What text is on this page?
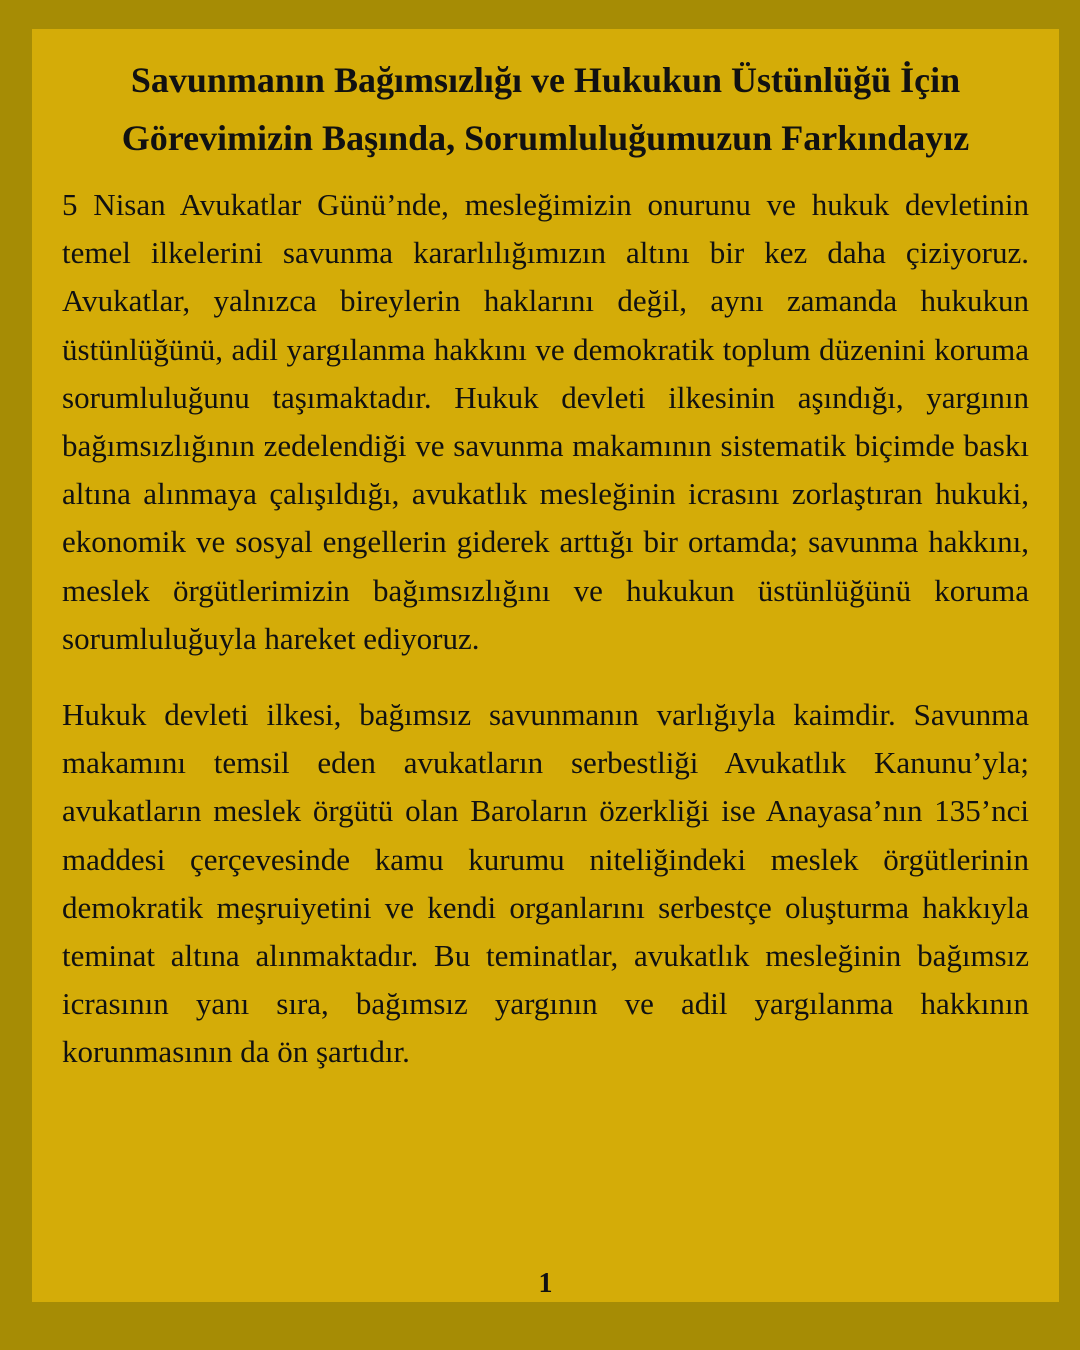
Savunmanın Bağımsızlığı ve Hukukun Üstünlüğü İçin
Görevimizin Başında, Sorumluluğumuzun Farkındayız

5 Nisan Avukatlar Günü’nde, mesleğimizin onurunu ve hukuk devletinin temel ilkelerini savunma kararlılığımızın altını bir kez daha çiziyoruz. Avukatlar, yalnızca bireylerin haklarını değil, aynı zamanda hukukun üstünlüğünü, adil yargılanma hakkını ve demokratik toplum düzenini koruma sorumluluğunu taşımaktadır. Hukuk devleti ilkesinin aşındığı, yargının bağımsızlığının zedelendiği ve savunma makamının sistematik biçimde baskı altına alınmaya çalışıldığı, avukatlık mesleğinin icrasını zorlaştıran hukuki, ekonomik ve sosyal engellerin giderek arttığı bir ortamda; savunma hakkını, meslek örgütlerimizin bağımsızlığını ve hukukun üstünlüğünü koruma sorumluluğuyla hareket ediyoruz.

Hukuk devleti ilkesi, bağımsız savunmanın varlığıyla kaimdir. Savunma makamını temsil eden avukatların serbestliği Avukatlık Kanunu’yla; avukatların meslek örgütü olan Baroların özerkliği ise Anayasa’nın 135’nci maddesi çerçevesinde kamu kurumu niteliğindeki meslek örgütlerinin demokratik meşruiyetini ve kendi organlarını serbestçe oluşturma hakkıyla teminat altına alınmaktadır. Bu teminatlar, avukatlık mesleğinin bağımsız icrasının yanı sıra, bağımsız yargının ve adil yargılanma hakkının korunmasının da ön şartıdır.

1
